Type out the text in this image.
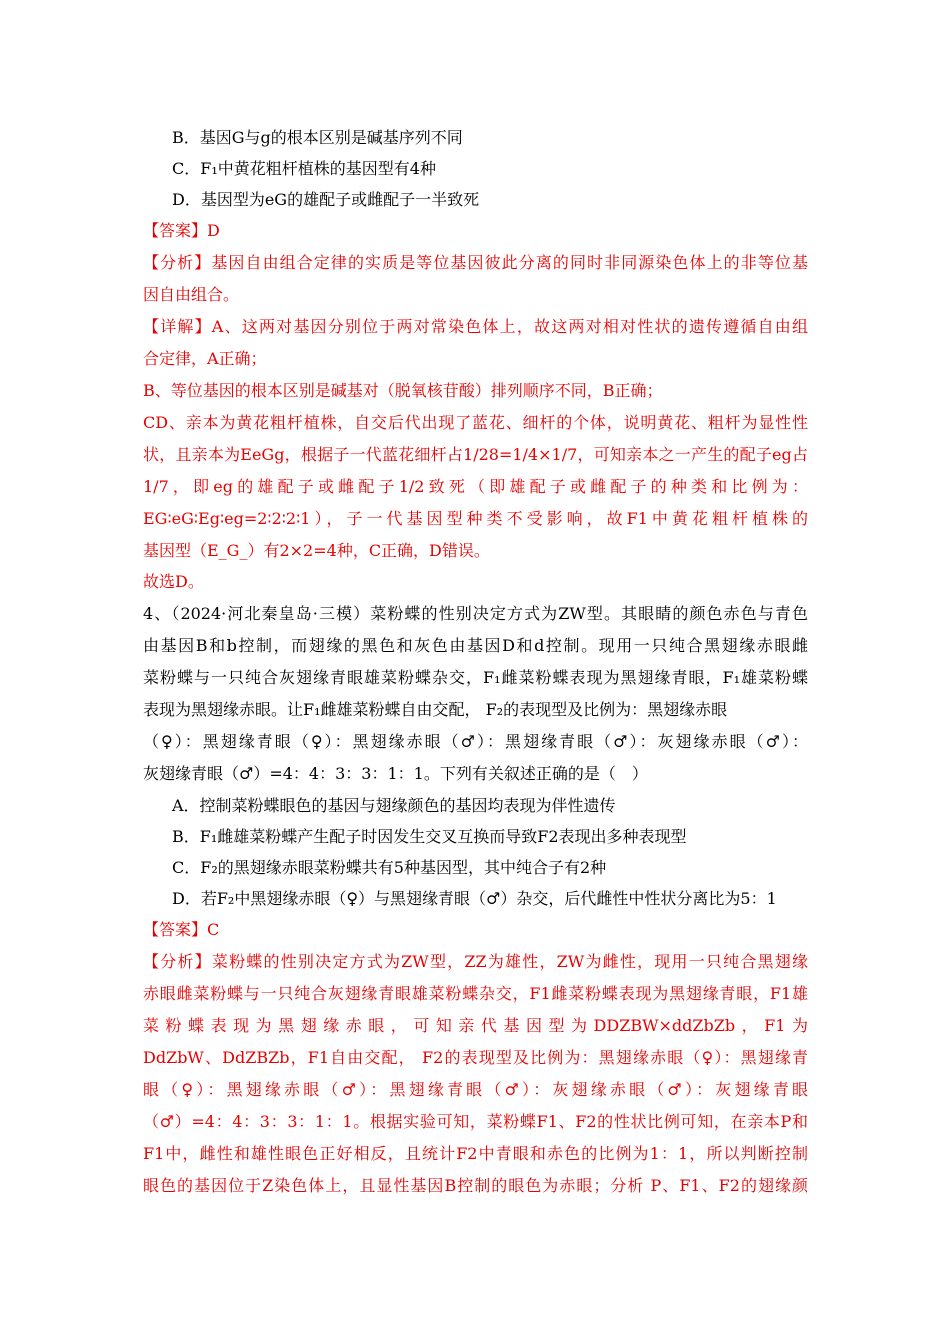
B．基因G与g的根本区别是碱基序列不同
C．F₁中黄花粗杆植株的基因型有4种
D．基因型为eG的雄配子或雌配子一半致死
【答案】D
【分析】基因自由组合定律的实质是等位基因彼此分离的同时非同源染色体上的非等位基
因自由组合。
【详解】A、这两对基因分别位于两对常染色体上，故这两对相对性状的遗传遵循自由组
合定律，A正确；
B、等位基因的根本区别是碱基对（脱氧核苷酸）排列顺序不同，B正确；
CD、亲本为黄花粗杆植株，自交后代出现了蓝花、细杆的个体，说明黄花、粗杆为显性性
状，且亲本为EeGg，根据子一代蓝花细杆占1/28=1/4×1/7，可知亲本之一产生的配子eg占
1/7，即eg的雄配子或雌配子1/2致死（即雄配子或雌配子的种类和比例为：
EG∶eG∶Eg∶eg=2∶2∶2∶1），子一代基因型种类不受影响，故F1中黄花粗杆植株的
基因型（E_G_）有2×2=4种，C正确，D错误。
故选D。
4、（2024·河北秦皇岛·三模）菜粉蝶的性别决定方式为ZW型。其眼睛的颜色赤色与青色
由基因B和b控制，而翅缘的黑色和灰色由基因D和d控制。现用一只纯合黑翅缘赤眼雌
菜粉蝶与一只纯合灰翅缘青眼雄菜粉蝶杂交，F₁雌菜粉蝶表现为黑翅缘青眼，F₁雄菜粉蝶
表现为黑翅缘赤眼。让F₁雌雄菜粉蝶自由交配， F₂的表现型及比例为：黑翅缘赤眼
（♀）：黑翅缘青眼（♀）：黑翅缘赤眼（♂）：黑翅缘青眼（♂）：灰翅缘赤眼（♂）：
灰翅缘青眼（♂）=4：4：3：3：1：1。下列有关叙述正确的是（　）
A．控制菜粉蝶眼色的基因与翅缘颜色的基因均表现为伴性遗传
B．F₁雌雄菜粉蝶产生配子时因发生交叉互换而导致F2表现出多种表现型
C．F₂的黑翅缘赤眼菜粉蝶共有5种基因型，其中纯合子有2种
D．若F₂中黑翅缘赤眼（♀）与黑翅缘青眼（♂）杂交，后代雌性中性状分离比为5：1
【答案】C
【分析】菜粉蝶的性别决定方式为ZW型，ZZ为雄性，ZW为雌性，现用一只纯合黑翅缘
赤眼雌菜粉蝶与一只纯合灰翅缘青眼雄菜粉蝶杂交，F1雌菜粉蝶表现为黑翅缘青眼，F1雄
菜粉蝶表现为黑翅缘赤眼，可知亲代基因型为DDZBW×ddZbZb，F1为
DdZbW、DdZBZb，F1自由交配， F2的表现型及比例为：黑翅缘赤眼（♀）：黑翅缘青
眼（♀）：黑翅缘赤眼（♂）：黑翅缘青眼（♂）：灰翅缘赤眼（♂）：灰翅缘青眼
（♂）=4：4：3：3：1：1。根据实验可知，菜粉蝶F1、F2的性状比例可知，在亲本P和
F1中，雌性和雄性眼色正好相反，且统计F2中青眼和赤色的比例为1：1，所以判断控制
眼色的基因位于Z染色体上，且显性基因B控制的眼色为赤眼；分析 P、F1、F2的翅缘颜
